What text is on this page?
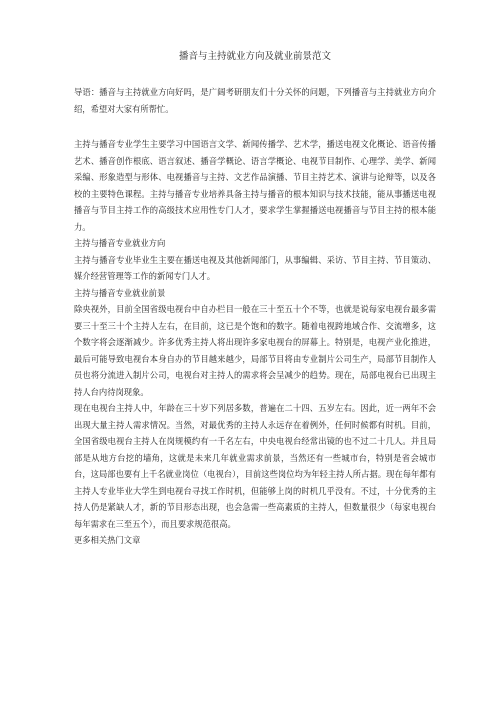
播音与主持就业方向及就业前景范文

导语：播音与主持就业方向好吗，是广阔考研朋友们十分关怀的问题，下列播音与主持就业方向介绍，希望对大家有所帮忙。

主持与播音专业学生主要学习中国语言文学、新闻传播学、艺术学，播送电视文化概论、语音传播艺术、播音创作根底、语言叙述、播音学概论、语言学概论、电视节目制作、心理学、美学、新闻采编、形象造型与形体、电视播音与主持、文艺作品演播、节目主持艺术、演讲与论辩等，以及各校的主要特色课程。主持与播音专业培养具备主持与播音的根本知识与技术技能，能从事播送电视播音与节目主持工作的高级技术应用性专门人才，要求学生掌握播送电视播音与节目主持的根本能力。

主持与播音专业就业方向

主持与播音专业毕业生主要在播送电视及其他新闻部门，从事编辑、采访、节目主持、节目策动、媒介经营管理等工作的新闻专门人才。

主持与播音专业就业前景

除央视外，目前全国省级电视台中自办栏目一般在三十至五十个不等，也就是说每家电视台最多需要三十至三十个主持人左右，在目前，这已是个饱和的数字。随着电视跨地域合作、交流增多，这个数字将会逐渐减少。许多优秀主持人将出现许多家电视台的屏幕上。特别是，电视产业化推进，最后可能导致电视台本身自办的节目越来越少，局部节目将由专业制片公司生产，局部节目制作人员也将分流进入制片公司，电视台对主持人的需求将会呈减少的趋势。现在，局部电视台已出现主持人台内待岗现象。

现在电视台主持人中，年龄在三十岁下列居多数，普遍在二十四、五岁左右。因此，近一两年不会出现大量主持人需求情况。当然，对最优秀的主持人永远存在着例外，任何时候都有时机。目前，全国省级电视台主持人在岗规模约有一千名左右，中央电视台经常出镜的也不过二十几人。并且局部是从地方台挖的墙角，这就是未来几年就业需求前景，当然还有一些城市台，特别是省会城市台，这局部也要有上千名就业岗位（电视台），目前这些岗位均为年轻主持人所占据。现在每年都有主持人专业毕业大学生到电视台寻找工作时机，但能够上岗的时机几乎没有。不过，十分优秀的主持人仍是紧缺人才，新的节目形态出现，也会急需一些高素质的主持人，但数量很少（每家电视台每年需求在三至五个），而且要求规范很高。

更多相关热门文章
